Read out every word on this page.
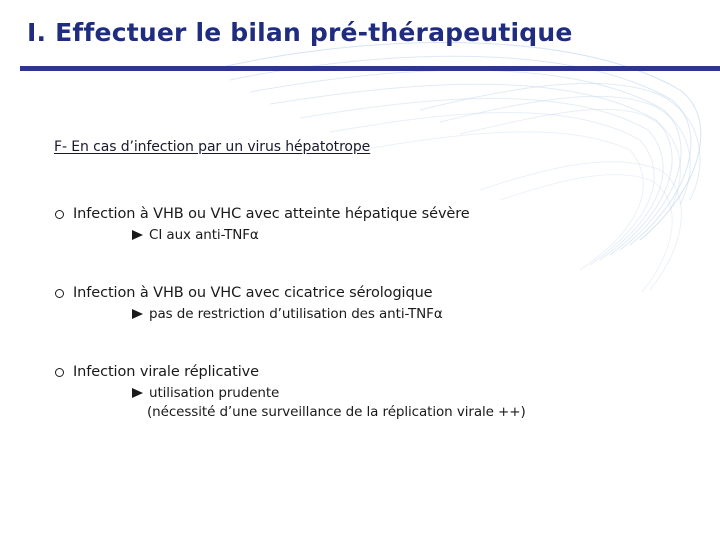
I. Effectuer le bilan pré-thérapeutique
F- En cas d’infection par un virus hépatotrope
Infection à VHB ou VHC avec atteinte hépatique sévère
CI aux anti-TNFα
Infection à VHB ou VHC avec cicatrice sérologique
pas de restriction d’utilisation des anti-TNFα
Infection virale réplicative
utilisation prudente
(nécessité d’une surveillance de la réplication virale ++)
